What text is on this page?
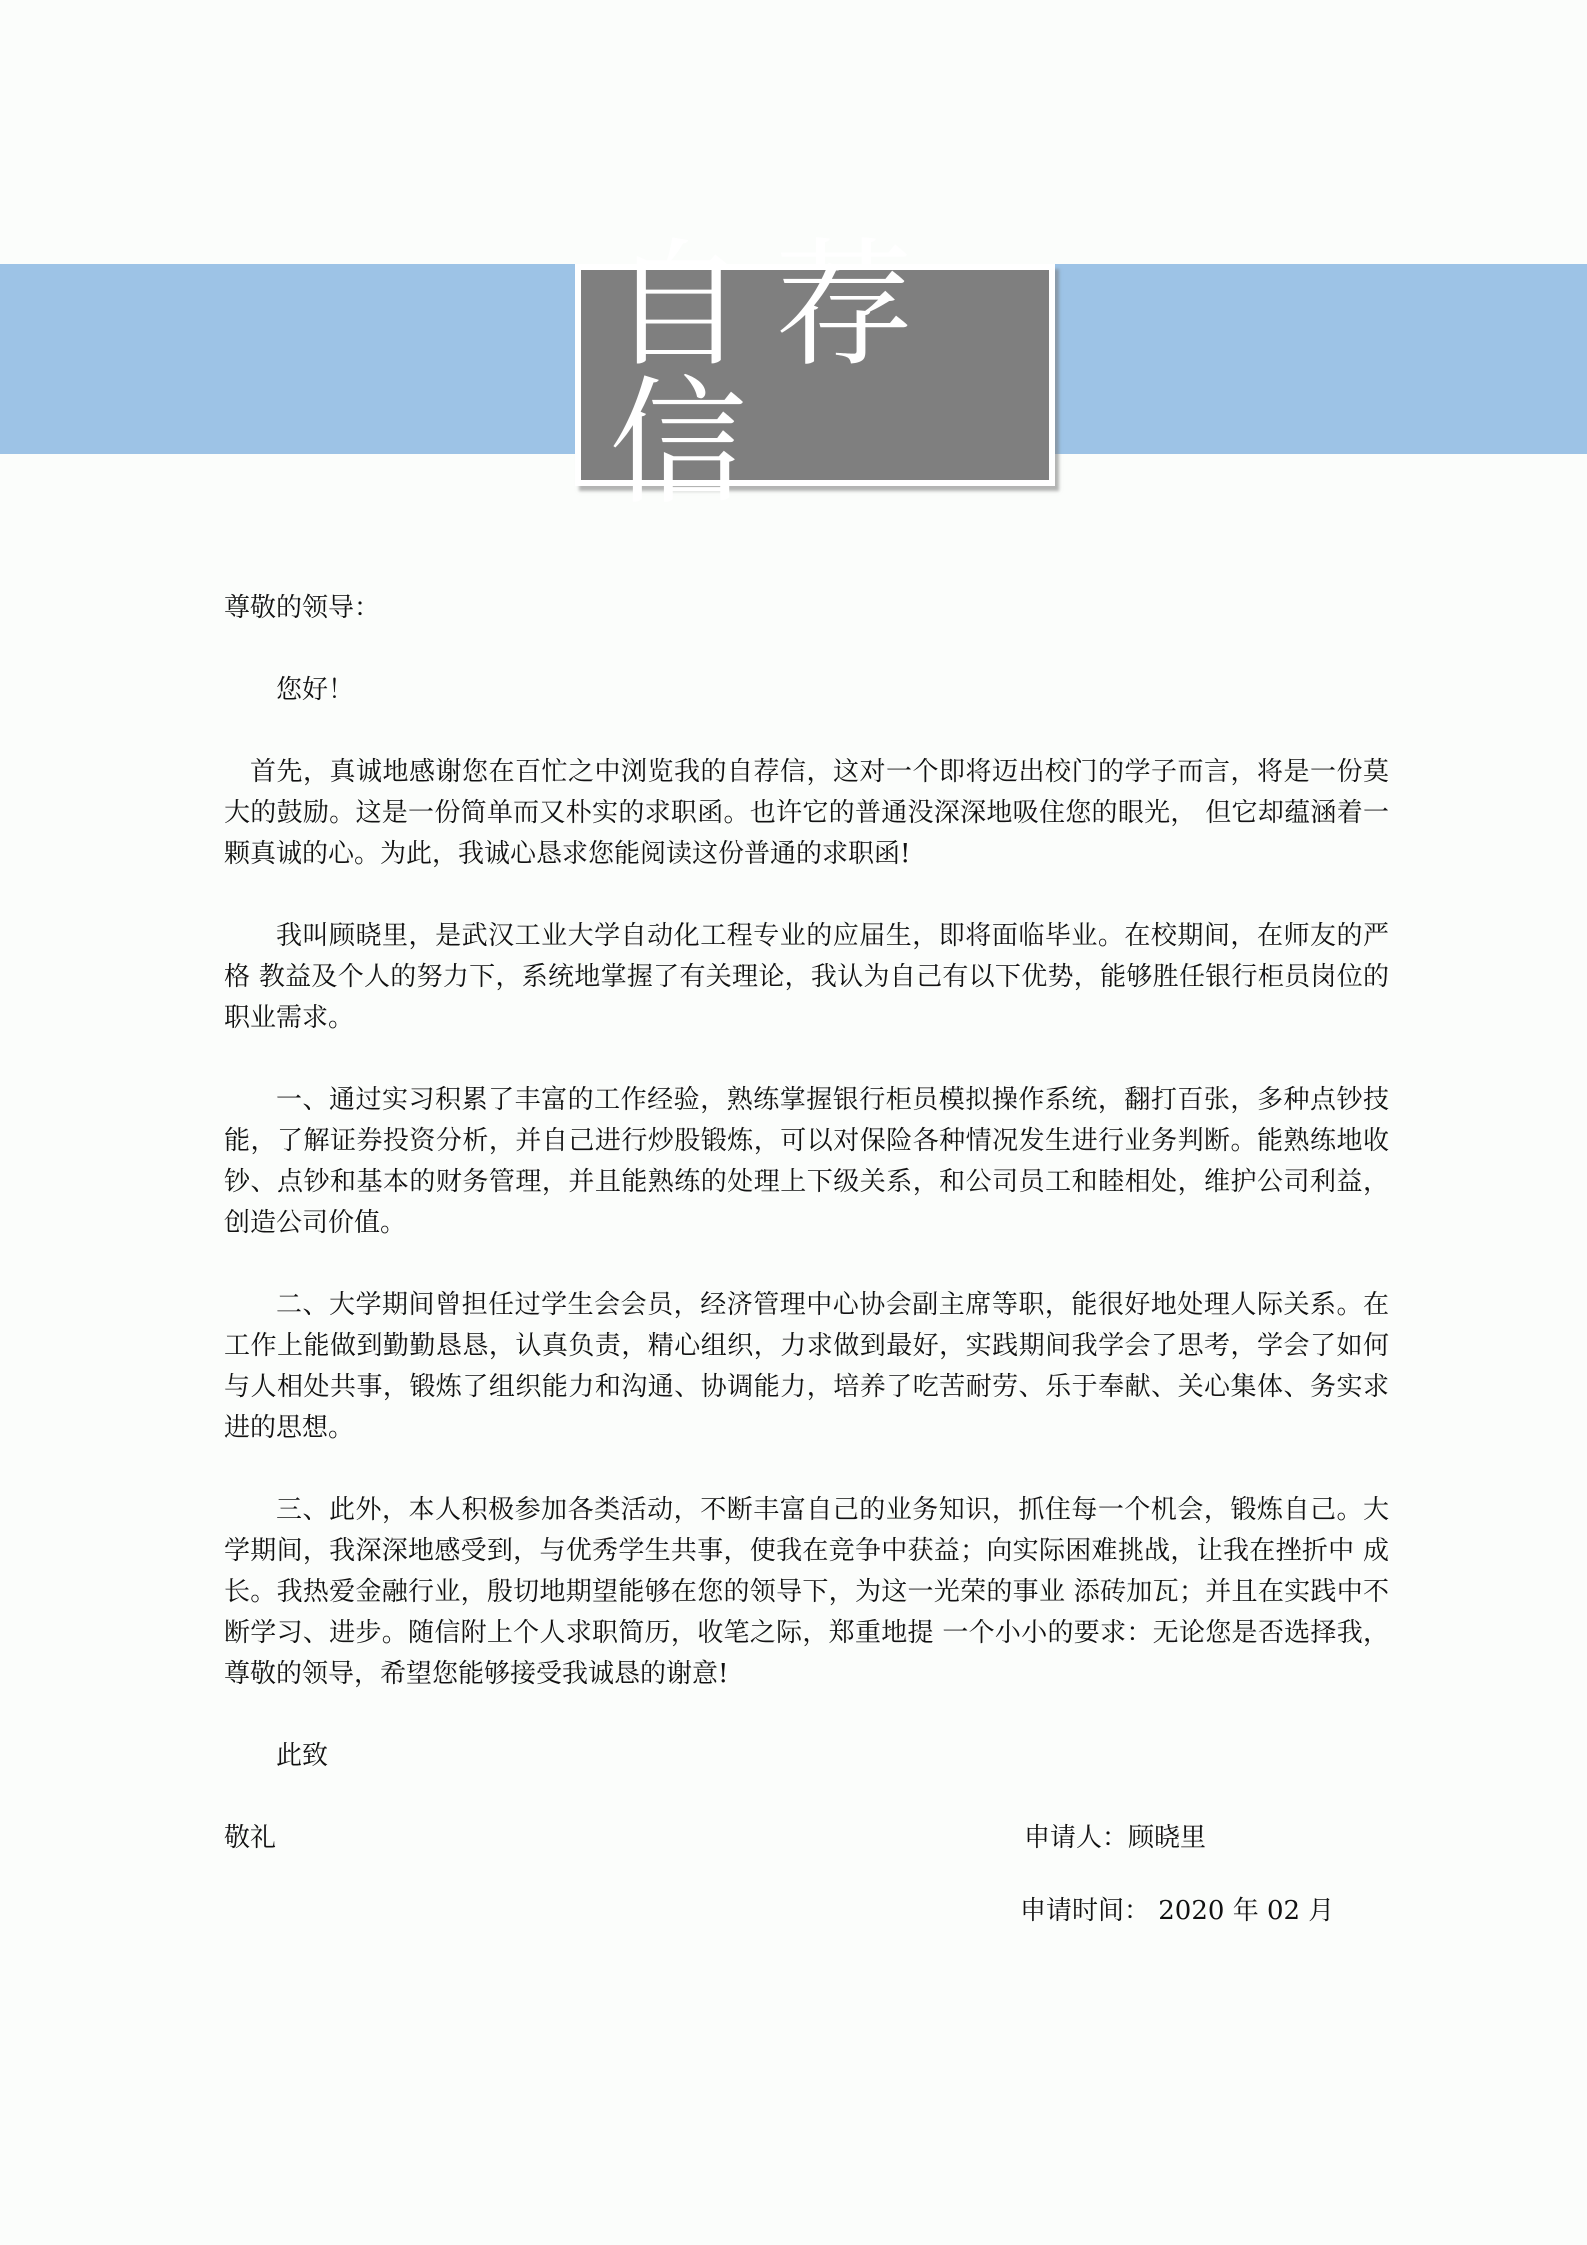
自荐信

尊敬的领导：

您好！

首先，真诚地感谢您在百忙之中浏览我的自荐信，这对一个即将迈出校门的学子而言，将是一份莫大的鼓励。这是一份简单而又朴实的求职函。也许它的普通没深深地吸住您的眼光， 但它却蕴涵着一颗真诚的心。为此，我诚心恳求您能阅读这份普通的求职函!

我叫顾晓里，是武汉工业大学自动化工程专业的应届生，即将面临毕业。在校期间，在师友的严格 教益及个人的努力下，系统地掌握了有关理论，我认为自己有以下优势，能够胜任银行柜员岗位的职业需求。

一、通过实习积累了丰富的工作经验，熟练掌握银行柜员模拟操作系统，翻打百张，多种点钞技能，了解证券投资分析，并自己进行炒股锻炼，可以对保险各种情况发生进行业务判断。能熟练地收钞、点钞和基本的财务管理，并且能熟练的处理上下级关系，和公司员工和睦相处，维护公司利益，创造公司价值。

二、大学期间曾担任过学生会会员，经济管理中心协会副主席等职，能很好地处理人际关系。在工作上能做到勤勤恳恳，认真负责，精心组织，力求做到最好，实践期间我学会了思考，学会了如何与人相处共事，锻炼了组织能力和沟通、协调能力，培养了吃苦耐劳、乐于奉献、关心集体、务实求进的思想。

三、此外，本人积极参加各类活动，不断丰富自己的业务知识，抓住每一个机会，锻炼自己。大学期间，我深深地感受到，与优秀学生共事，使我在竞争中获益；向实际困难挑战，让我在挫折中 成长。我热爱金融行业，殷切地期望能够在您的领导下，为这一光荣的事业 添砖加瓦；并且在实践中不断学习、进步。随信附上个人求职简历，收笔之际，郑重地提 一个小小的要求：无论您是否选择我，尊敬的领导，希望您能够接受我诚恳的谢意!

此致

敬礼	申请人：顾晓里
申请时间： 2020 年 02 月
